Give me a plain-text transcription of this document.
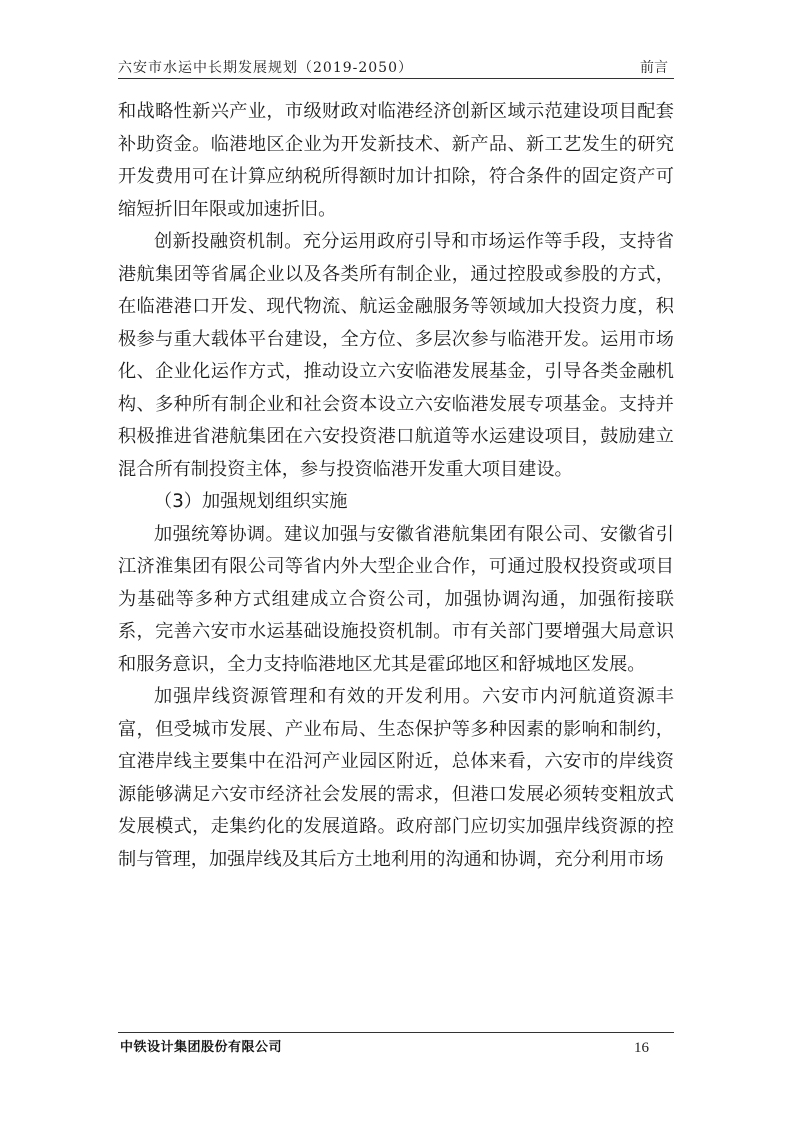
六安市水运中长期发展规划（2019-2050）	前言

和战略性新兴产业，市级财政对临港经济创新区域示范建设项目配套补助资金。临港地区企业为开发新技术、新产品、新工艺发生的研究开发费用可在计算应纳税所得额时加计扣除，符合条件的固定资产可缩短折旧年限或加速折旧。

创新投融资机制。充分运用政府引导和市场运作等手段，支持省港航集团等省属企业以及各类所有制企业，通过控股或参股的方式，在临港港口开发、现代物流、航运金融服务等领域加大投资力度，积极参与重大载体平台建设，全方位、多层次参与临港开发。运用市场化、企业化运作方式，推动设立六安临港发展基金，引导各类金融机构、多种所有制企业和社会资本设立六安临港发展专项基金。支持并积极推进省港航集团在六安投资港口航道等水运建设项目，鼓励建立混合所有制投资主体，参与投资临港开发重大项目建设。

（3）加强规划组织实施

加强统筹协调。建议加强与安徽省港航集团有限公司、安徽省引江济淮集团有限公司等省内外大型企业合作，可通过股权投资或项目为基础等多种方式组建成立合资公司，加强协调沟通，加强衔接联系，完善六安市水运基础设施投资机制。市有关部门要增强大局意识和服务意识，全力支持临港地区尤其是霍邱地区和舒城地区发展。

加强岸线资源管理和有效的开发利用。六安市内河航道资源丰富，但受城市发展、产业布局、生态保护等多种因素的影响和制约，宜港岸线主要集中在沿河产业园区附近，总体来看，六安市的岸线资源能够满足六安市经济社会发展的需求，但港口发展必须转变粗放式发展模式，走集约化的发展道路。政府部门应切实加强岸线资源的控制与管理，加强岸线及其后方土地利用的沟通和协调，充分利用市场

中铁设计集团股份有限公司	16
